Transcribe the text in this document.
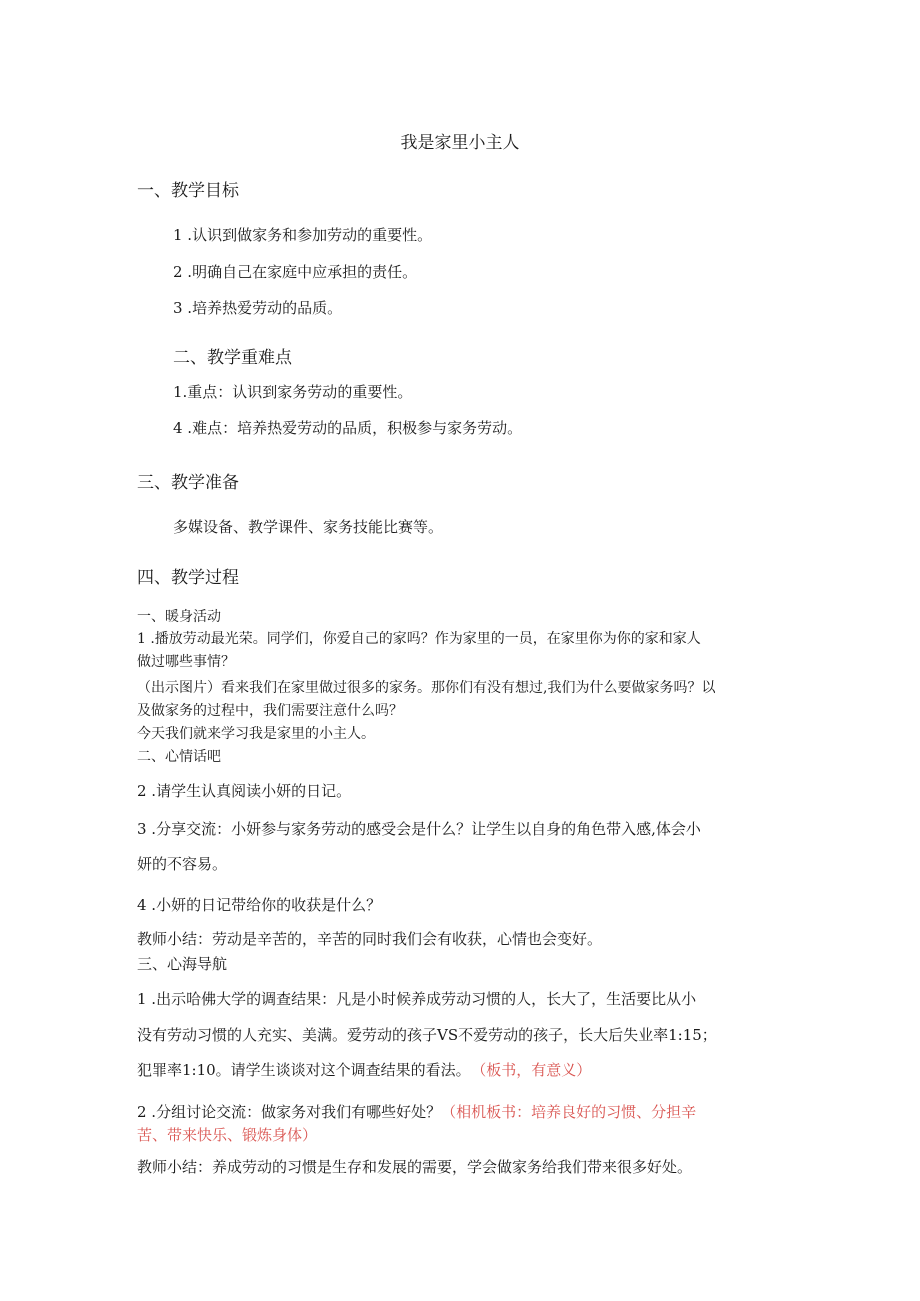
我是家里小主人
一、教学目标
1 .认识到做家务和参加劳动的重要性。
2 .明确自己在家庭中应承担的责任。
3 .培养热爱劳动的品质。
二、教学重难点
1.重点：认识到家务劳动的重要性。
4 .难点：培养热爱劳动的品质，积极参与家务劳动。
三、教学准备
多媒设备、教学课件、家务技能比赛等。
四、教学过程
一、暖身活动
1 .播放劳动最光荣。同学们，你爱自己的家吗？作为家里的一员，在家里你为你的家和家人
做过哪些事情？
（出示图片）看来我们在家里做过很多的家务。那你们有没有想过,我们为什么要做家务吗？以
及做家务的过程中，我们需要注意什么吗？
今天我们就来学习我是家里的小主人。
二、心情话吧
2 .请学生认真阅读小妍的日记。
3 .分享交流：小妍参与家务劳动的感受会是什么？让学生以自身的角色带入感,体会小
妍的不容易。
4 .小妍的日记带给你的收获是什么？
教师小结：劳动是辛苦的，辛苦的同时我们会有收获，心情也会变好。
三、心海导航
1 .出示哈佛大学的调查结果：凡是小时候养成劳动习惯的人，长大了，生活要比从小
没有劳动习惯的人充实、美满。爱劳动的孩子VS不爱劳动的孩子，长大后失业率1:15；
犯罪率1:10。请学生谈谈对这个调查结果的看法。 （板书，有意义）
2 .分组讨论交流：做家务对我们有哪些好处？（相机板书：培养良好的习惯、分担辛
苦、带来快乐、锻炼身体）
教师小结：养成劳动的习惯是生存和发展的需要，学会做家务给我们带来很多好处。
